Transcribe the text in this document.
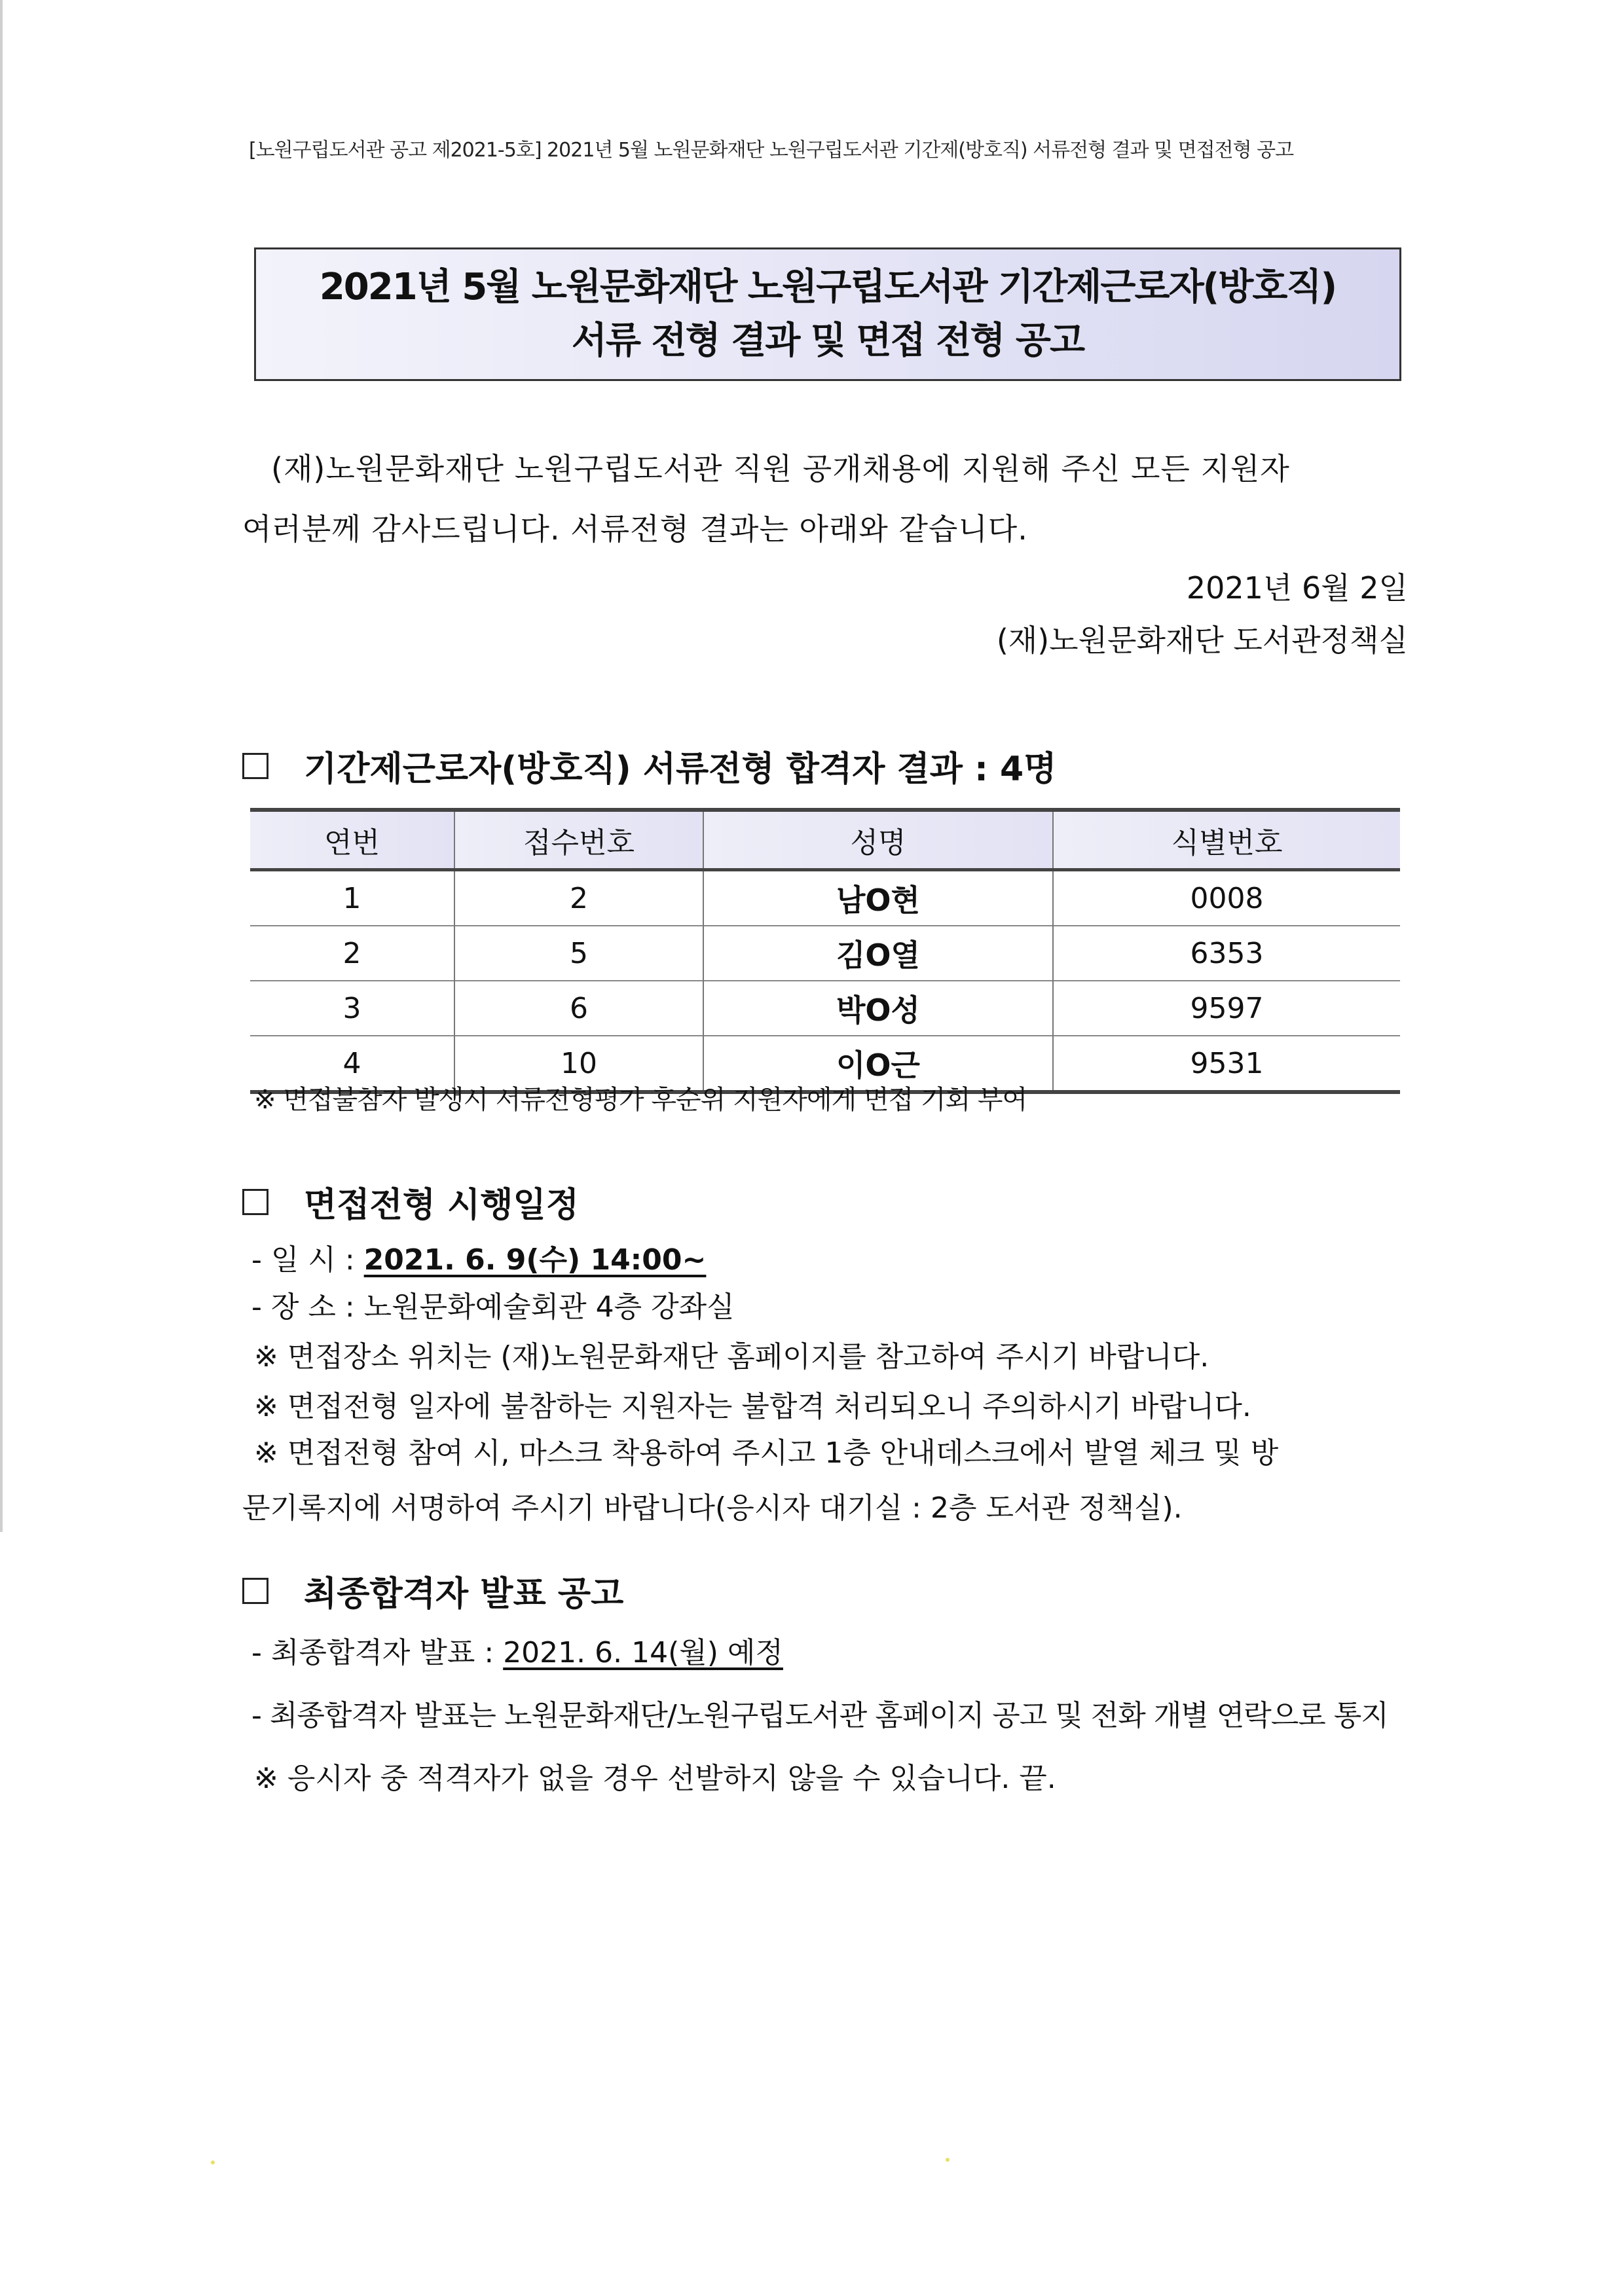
[노원구립도서관 공고 제2021-5호] 2021년 5월 노원문화재단 노원구립도서관 기간제(방호직) 서류전형 결과 및 면접전형 공고
2021년 5월 노원문화재단 노원구립도서관 기간제근로자(방호직)
서류 전형 결과 및 면접 전형 공고

(재)노원문화재단 노원구립도서관 직원 공개채용에 지원해 주신 모든 지원자

여러분께 감사드립니다. 서류전형 결과는 아래와 같습니다.

2021년 6월 2일
(재)노원문화재단 도서관정책실
기간제근로자(방호직) 서류전형 합격자 결과 : 4명
연번	접수번호	성명	식별번호
1	2	남O현	0008
2	5	김O열	6353
3	6	박O성	9597
4	10	이O근	9531
※ 면접불참자 발생시 서류전형평가 후순위 지원자에게 면접 기회 부여
면접전형 시행일정
- 일 시 : 2021. 6. 9(수) 14:00~
- 장 소 : 노원문화예술회관 4층 강좌실
※ 면접장소 위치는 (재)노원문화재단 홈페이지를 참고하여 주시기 바랍니다.
※ 면접전형 일자에 불참하는 지원자는 불합격 처리되오니 주의하시기 바랍니다.

※ 면접전형 참여 시, 마스크 착용하여 주시고 1층 안내데스크에서 발열 체크 및 방

문기록지에 서명하여 주시기 바랍니다(응시자 대기실 : 2층 도서관 정책실).

최종합격자 발표 공고
- 최종합격자 발표 : 2021. 6. 14(월) 예정
- 최종합격자 발표는 노원문화재단/노원구립도서관 홈페이지 공고 및 전화 개별 연락으로 통지
※ 응시자 중 적격자가 없을 경우 선발하지 않을 수 있습니다. 끝.
